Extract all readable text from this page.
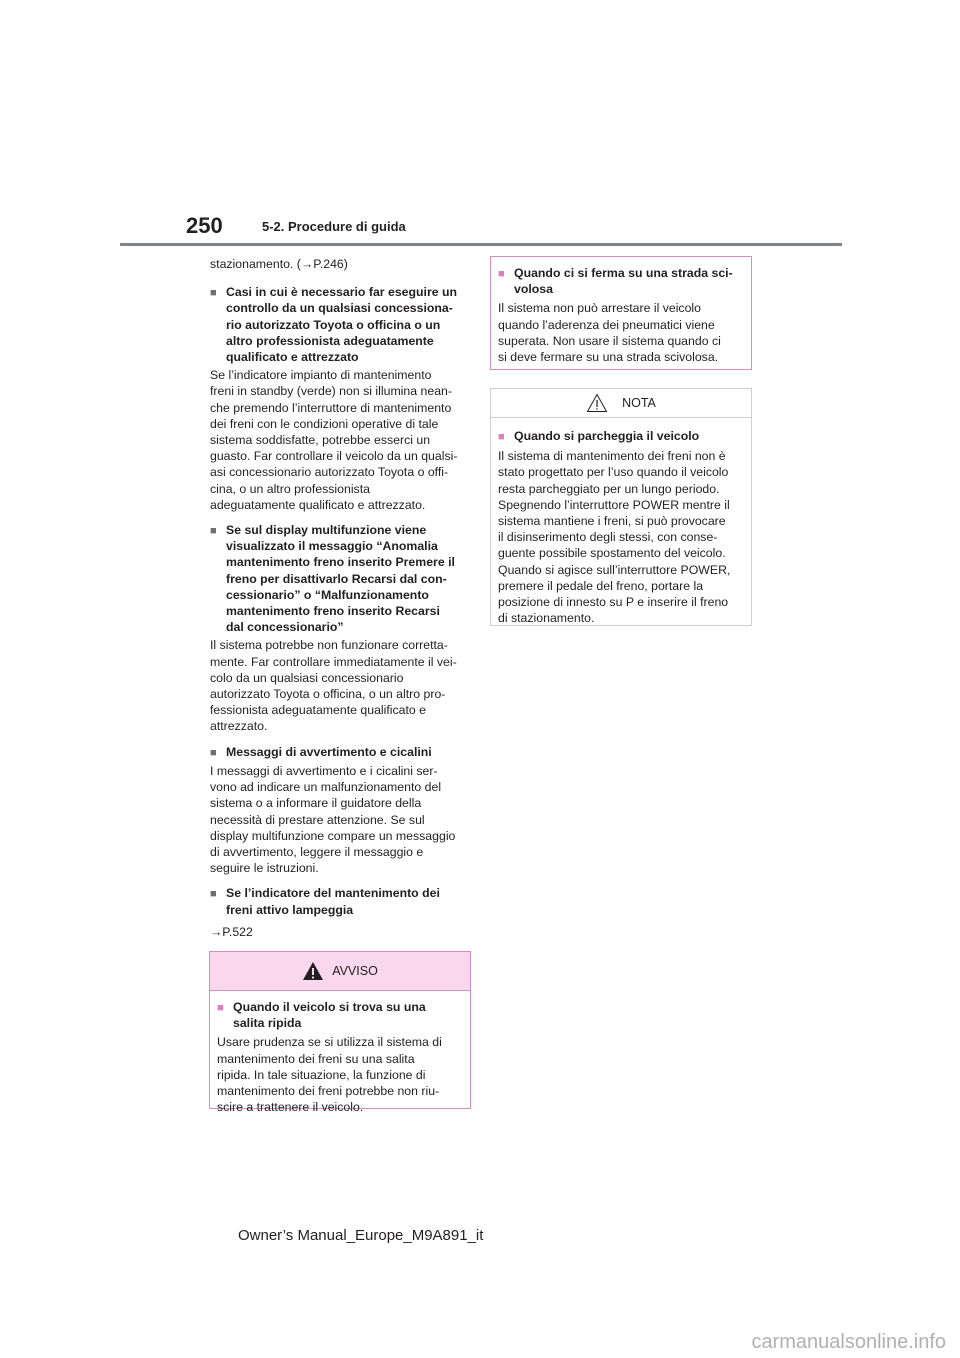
250	5-2. Procedure di guida

stazionamento. (→P.246)

■
Casi in cui è necessario far eseguire un
controllo da un qualsiasi concessiona-
rio autorizzato Toyota o officina o un
altro professionista adeguatamente
qualificato e attrezzato

Se l’indicatore impianto di mantenimento
freni in standby (verde) non si illumina nean-
che premendo l’interruttore di mantenimento
dei freni con le condizioni operative di tale
sistema soddisfatte, potrebbe esserci un
guasto. Far controllare il veicolo da un qualsi-
asi concessionario autorizzato Toyota o offi-
cina, o un altro professionista
adeguatamente qualificato e attrezzato.

■
Se sul display multifunzione viene
visualizzato il messaggio “Anomalia
mantenimento freno inserito Premere il
freno per disattivarlo Recarsi dal con-
cessionario” o “Malfunzionamento
mantenimento freno inserito Recarsi
dal concessionario”

Il sistema potrebbe non funzionare corretta-
mente. Far controllare immediatamente il vei-
colo da un qualsiasi concessionario
autorizzato Toyota o officina, o un altro pro-
fessionista adeguatamente qualificato e
attrezzato.

■
Messaggi di avvertimento e cicalini

I messaggi di avvertimento e i cicalini ser-
vono ad indicare un malfunzionamento del
sistema o a informare il guidatore della
necessità di prestare attenzione. Se sul
display multifunzione compare un messaggio
di avvertimento, leggere il messaggio e
seguire le istruzioni.

■
Se l’indicatore del mantenimento dei
freni attivo lampeggia

→P.522

AVVISO
■
Quando il veicolo si trova su una
salita ripida

Usare prudenza se si utilizza il sistema di
mantenimento dei freni su una salita
ripida. In tale situazione, la funzione di
mantenimento dei freni potrebbe non riu-
scire a trattenere il veicolo.

■
Quando ci si ferma su una strada sci-
volosa

Il sistema non può arrestare il veicolo
quando l’aderenza dei pneumatici viene
superata. Non usare il sistema quando ci
si deve fermare su una strada scivolosa.

NOTA
■
Quando si parcheggia il veicolo

Il sistema di mantenimento dei freni non è
stato progettato per l’uso quando il veicolo
resta parcheggiato per un lungo periodo.
Spegnendo l’interruttore POWER mentre il
sistema mantiene i freni, si può provocare
il disinserimento degli stessi, con conse-
guente possibile spostamento del veicolo.
Quando si agisce sull’interruttore POWER,
premere il pedale del freno, portare la
posizione di innesto su P e inserire il freno
di stazionamento.

Owner’s Manual_Europe_M9A891_it
carmanualsonline.info
